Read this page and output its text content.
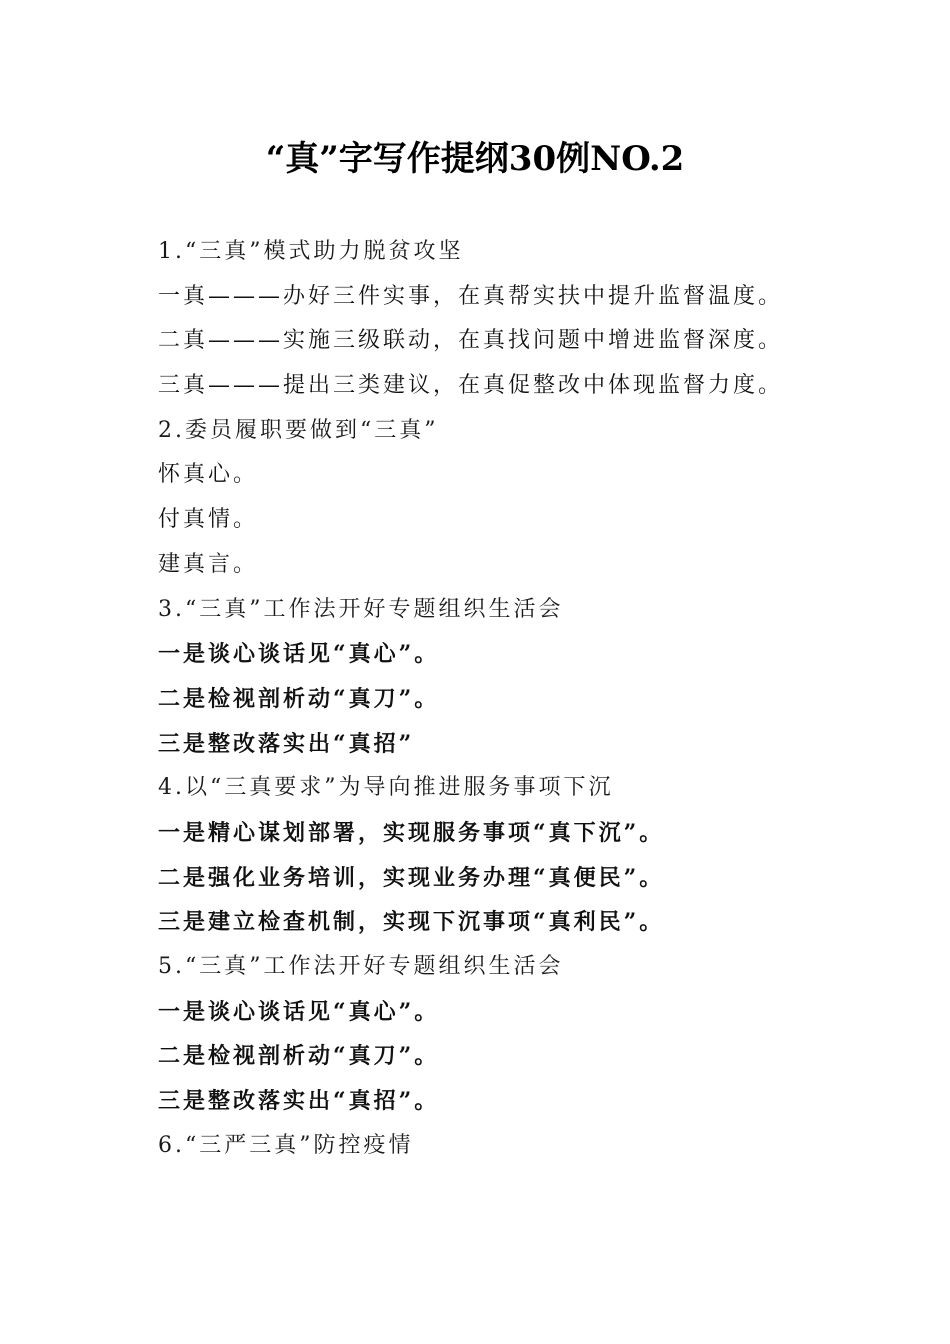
“真”字写作提纲30例NO.2
1.“三真”模式助力脱贫攻坚
一真———办好三件实事，在真帮实扶中提升监督温度。
二真———实施三级联动，在真找问题中增进监督深度。
三真———提出三类建议，在真促整改中体现监督力度。
2.委员履职要做到“三真”
怀真心。
付真情。
建真言。
3.“三真”工作法开好专题组织生活会
一是谈心谈话见“真心”。
二是检视剖析动“真刀”。
三是整改落实出“真招”
4.以“三真要求”为导向推进服务事项下沉
一是精心谋划部署，实现服务事项“真下沉”。
二是强化业务培训，实现业务办理“真便民”。
三是建立检查机制，实现下沉事项“真利民”。
5.“三真”工作法开好专题组织生活会
一是谈心谈话见“真心”。
二是检视剖析动“真刀”。
三是整改落实出“真招”。
6.“三严三真”防控疫情
